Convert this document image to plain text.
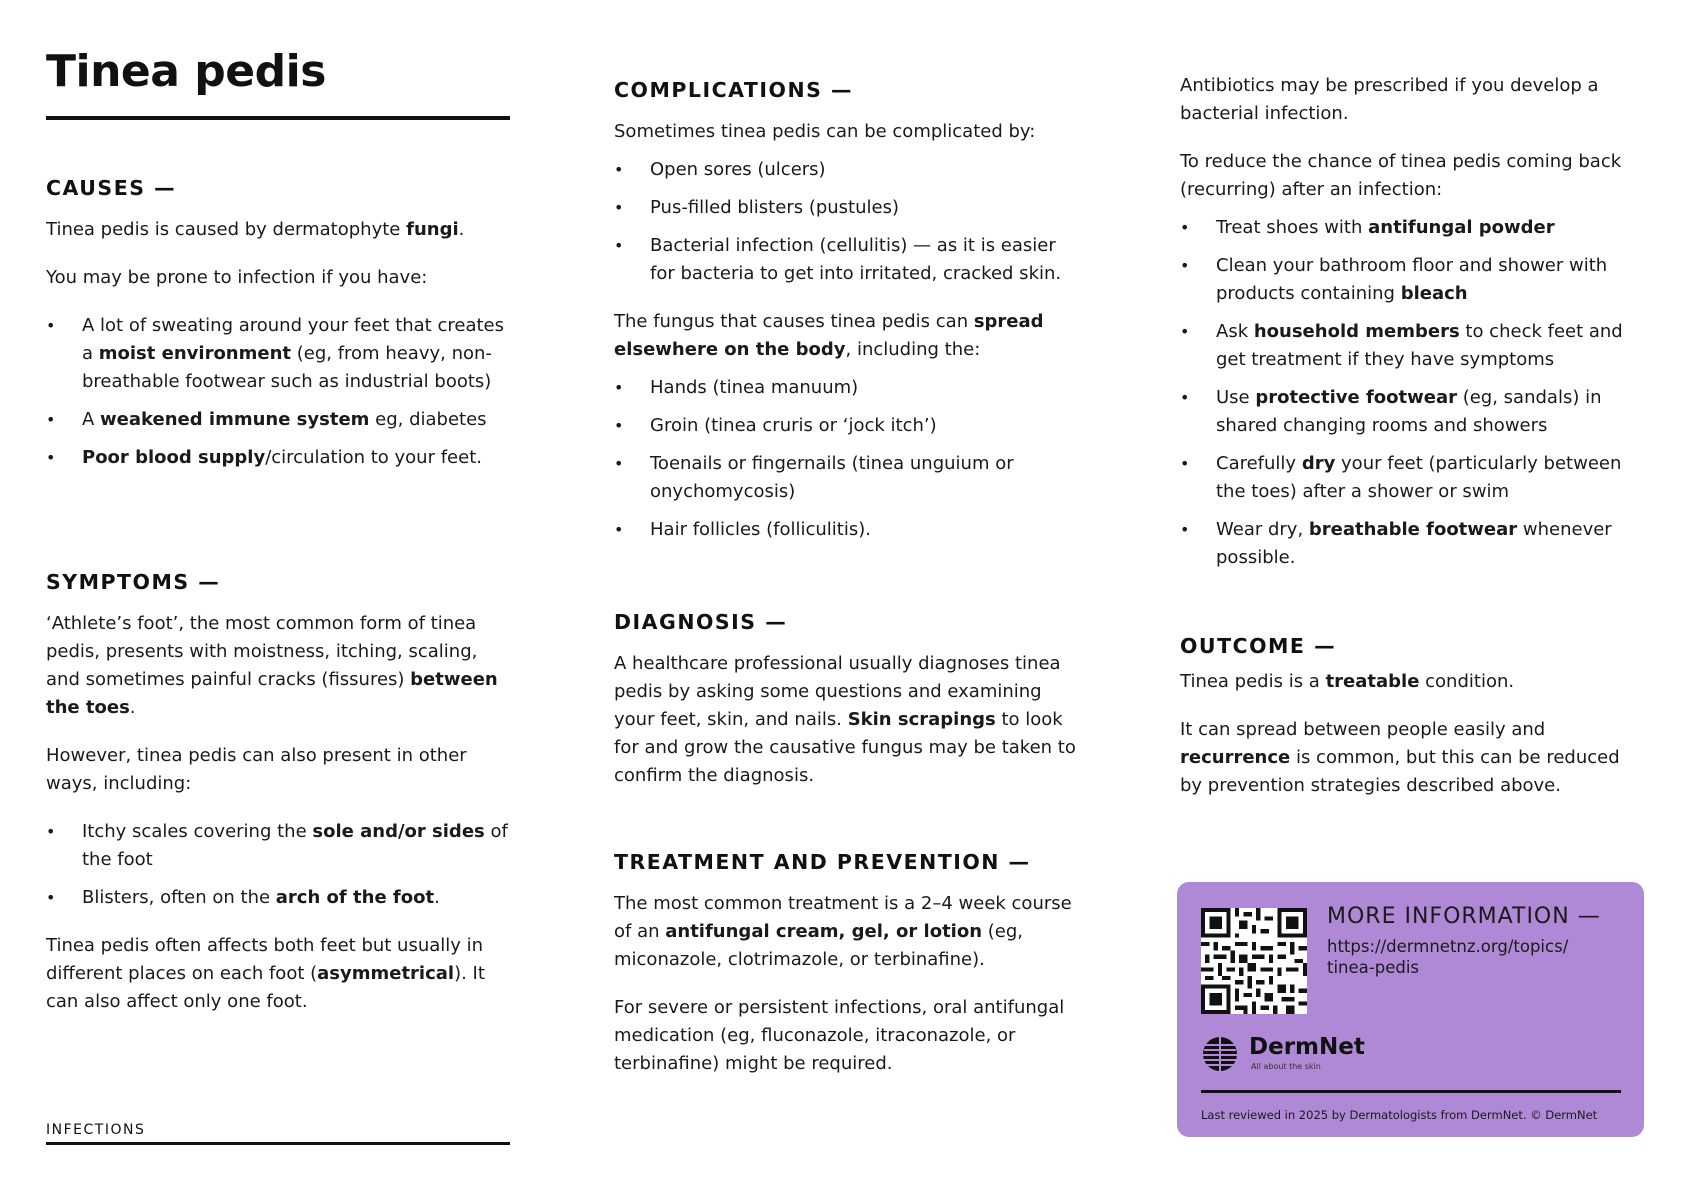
Tinea pedis
CAUSES —

Tinea pedis is caused by dermatophyte fungi.

You may be prone to infection if you have:

• A lot of sweating around your feet that creates a moist environment (eg, from heavy, non-breathable footwear such as industrial boots)
• A weakened immune system eg, diabetes
• Poor blood supply/circulation to your feet.
SYMPTOMS —

‘Athlete’s foot’, the most common form of tinea pedis, presents with moistness, itching, scaling, and sometimes painful cracks (fissures) between the toes.

However, tinea pedis can also present in other ways, including:

• Itchy scales covering the sole and/or sides of the foot
• Blisters, often on the arch of the foot.

Tinea pedis often affects both feet but usually in different places on each foot (asymmetrical). It can also affect only one foot.

INFECTIONS
COMPLICATIONS —

Sometimes tinea pedis can be complicated by:

• Open sores (ulcers)
• Pus-filled blisters (pustules)
• Bacterial infection (cellulitis) — as it is easier for bacteria to get into irritated, cracked skin.

The fungus that causes tinea pedis can spread elsewhere on the body, including the:

• Hands (tinea manuum)
• Groin (tinea cruris or ‘jock itch’)
• Toenails or fingernails (tinea unguium or onychomycosis)
• Hair follicles (folliculitis).
DIAGNOSIS —

A healthcare professional usually diagnoses tinea pedis by asking some questions and examining your feet, skin, and nails. Skin scrapings to look for and grow the causative fungus may be taken to confirm the diagnosis.

TREATMENT AND PREVENTION —

The most common treatment is a 2–4 week course of an antifungal cream, gel, or lotion (eg, miconazole, clotrimazole, or terbinafine).

For severe or persistent infections, oral antifungal medication (eg, fluconazole, itraconazole, or terbinafine) might be required.

Antibiotics may be prescribed if you develop a bacterial infection.

To reduce the chance of tinea pedis coming back (recurring) after an infection:

• Treat shoes with antifungal powder
• Clean your bathroom floor and shower with products containing bleach
• Ask household members to check feet and get treatment if they have symptoms
• Use protective footwear (eg, sandals) in shared changing rooms and showers
• Carefully dry your feet (particularly between the toes) after a shower or swim
• Wear dry, breathable footwear whenever possible.
OUTCOME —

Tinea pedis is a treatable condition.

It can spread between people easily and recurrence is common, but this can be reduced by prevention strategies described above.

MORE INFORMATION —
https://dermnetnz.org/topics/ tinea-pedis
DermNet
All about the skin
Last reviewed in 2025 by Dermatologists from DermNet. © DermNet
